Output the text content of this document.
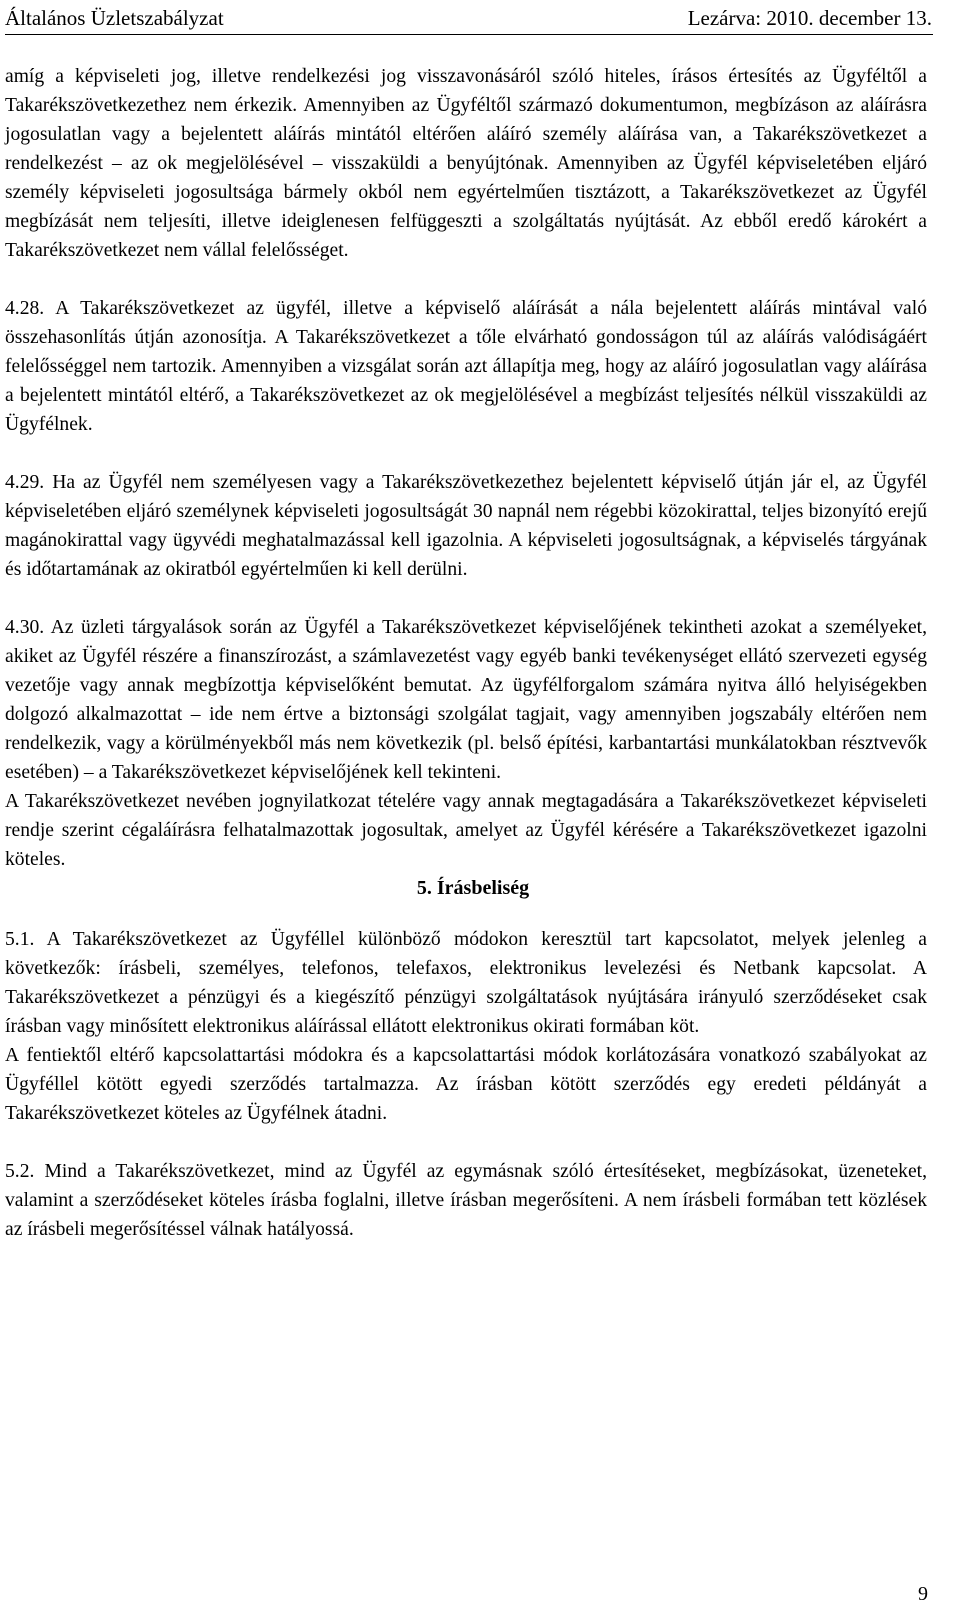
Általános Üzletszabályzat	Lezárva: 2010. december 13.

amíg a képviseleti jog, illetve rendelkezési jog visszavonásáról szóló hiteles, írásos értesítés az Ügyféltől a Takarékszövetkezethez nem érkezik. Amennyiben az Ügyféltől származó dokumentumon, megbízáson az aláírásra jogosulatlan vagy a bejelentett aláírás mintától eltérően aláíró személy aláírása van, a Takarékszövetkezet a rendelkezést – az ok megjelölésével – visszaküldi a benyújtónak. Amennyiben az Ügyfél képviseletében eljáró személy képviseleti jogosultsága bármely okból nem egyértelműen tisztázott, a Takarékszövetkezet az Ügyfél megbízását nem teljesíti, illetve ideiglenesen felfüggeszti a szolgáltatás nyújtását. Az ebből eredő károkért a Takarékszövetkezet nem vállal felelősséget.

4.28. A Takarékszövetkezet az ügyfél, illetve a képviselő aláírását a nála bejelentett aláírás mintával való összehasonlítás útján azonosítja. A Takarékszövetkezet a tőle elvárható gondosságon túl az aláírás valódiságáért felelősséggel nem tartozik. Amennyiben a vizsgálat során azt állapítja meg, hogy az aláíró jogosulatlan vagy aláírása a bejelentett mintától eltérő, a Takarékszövetkezet az ok megjelölésével a megbízást teljesítés nélkül visszaküldi az Ügyfélnek.

4.29. Ha az Ügyfél nem személyesen vagy a Takarékszövetkezethez bejelentett képviselő útján jár el, az Ügyfél képviseletében eljáró személynek képviseleti jogosultságát 30 napnál nem régebbi közokirattal, teljes bizonyító erejű magánokirattal vagy ügyvédi meghatalmazással kell igazolnia. A képviseleti jogosultságnak, a képviselés tárgyának és időtartamának az okiratból egyértelműen ki kell derülni.

4.30. Az üzleti tárgyalások során az Ügyfél a Takarékszövetkezet képviselőjének tekintheti azokat a személyeket, akiket az Ügyfél részére a finanszírozást, a számlavezetést vagy egyéb banki tevékenységet ellátó szervezeti egység vezetője vagy annak megbízottja képviselőként bemutat. Az ügyfélforgalom számára nyitva álló helyiségekben dolgozó alkalmazottat – ide nem értve a biztonsági szolgálat tagjait, vagy amennyiben jogszabály eltérően nem rendelkezik, vagy a körülményekből más nem következik (pl. belső építési, karbantartási munkálatokban résztvevők esetében) – a Takarékszövetkezet képviselőjének kell tekinteni.

A Takarékszövetkezet nevében jognyilatkozat tételére vagy annak megtagadására a Takarékszövetkezet képviseleti rendje szerint cégaláírásra felhatalmazottak jogosultak, amelyet az Ügyfél kérésére a Takarékszövetkezet igazolni köteles.

5. Írásbeliség

5.1. A Takarékszövetkezet az Ügyféllel különböző módokon keresztül tart kapcsolatot, melyek jelenleg a következők: írásbeli, személyes, telefonos, telefaxos, elektronikus levelezési és Netbank kapcsolat. A Takarékszövetkezet a pénzügyi és a kiegészítő pénzügyi szolgáltatások nyújtására irányuló szerződéseket csak írásban vagy minősített elektronikus aláírással ellátott elektronikus okirati formában köt.

A fentiektől eltérő kapcsolattartási módokra és a kapcsolattartási módok korlátozására vonatkozó szabályokat az Ügyféllel kötött egyedi szerződés tartalmazza. Az írásban kötött szerződés egy eredeti példányát a Takarékszövetkezet köteles az Ügyfélnek átadni.

5.2. Mind a Takarékszövetkezet, mind az Ügyfél az egymásnak szóló értesítéseket, megbízásokat, üzeneteket, valamint a szerződéseket köteles írásba foglalni, illetve írásban megerősíteni. A nem írásbeli formában tett közlések az írásbeli megerősítéssel válnak hatályossá.

9
